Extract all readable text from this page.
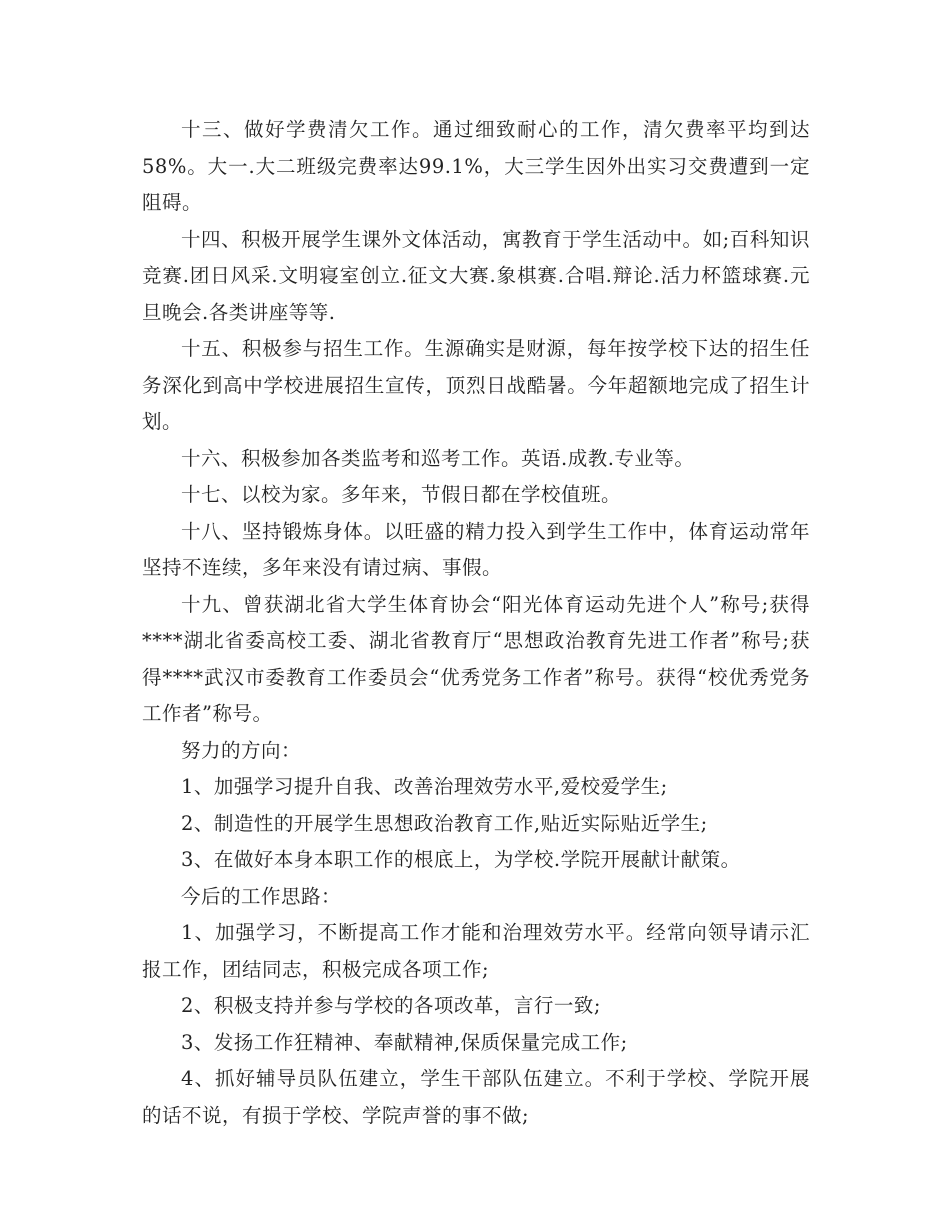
十三、做好学费清欠工作。通过细致耐心的工作，清欠费率平均到达58%。大一.大二班级完费率达99.1%，大三学生因外出实习交费遭到一定阻碍。

十四、积极开展学生课外文体活动，寓教育于学生活动中。如;百科知识竞赛.团日风采.文明寝室创立.征文大赛.象棋赛.合唱.辩论.活力杯篮球赛.元旦晚会.各类讲座等等.

十五、积极参与招生工作。生源确实是财源，每年按学校下达的招生任务深化到高中学校进展招生宣传，顶烈日战酷暑。今年超额地完成了招生计划。

十六、积极参加各类监考和巡考工作。英语.成教.专业等。

十七、以校为家。多年来，节假日都在学校值班。

十八、坚持锻炼身体。以旺盛的精力投入到学生工作中，体育运动常年坚持不连续，多年来没有请过病、事假。

十九、曾获湖北省大学生体育协会“阳光体育运动先进个人”称号;获得****湖北省委高校工委、湖北省教育厅“思想政治教育先进工作者”称号;获得****武汉市委教育工作委员会“优秀党务工作者”称号。获得“校优秀党务工作者”称号。

努力的方向：

1、加强学习提升自我、改善治理效劳水平,爱校爱学生;

2、制造性的开展学生思想政治教育工作,贴近实际贴近学生;

3、在做好本身本职工作的根底上，为学校.学院开展献计献策。

今后的工作思路：

1、加强学习，不断提高工作才能和治理效劳水平。经常向领导请示汇报工作，团结同志，积极完成各项工作;

2、积极支持并参与学校的各项改革，言行一致;

3、发扬工作狂精神、奉献精神,保质保量完成工作;

4、抓好辅导员队伍建立，学生干部队伍建立。不利于学校、学院开展的话不说，有损于学校、学院声誉的事不做;
